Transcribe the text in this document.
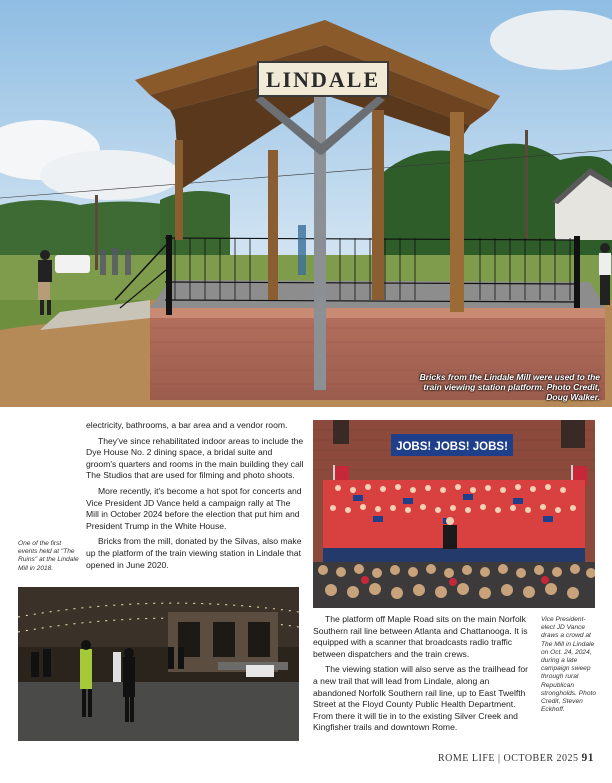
LINDALE
Bricks from the Lindale Mill were used to the train viewing station platform. Photo Credit, Doug Walker.

electricity, bathrooms, a bar area and a vendor room.

They've since rehabilitated indoor areas to include the Dye House No. 2 dining space, a bridal suite and groom's quarters and rooms in the main building they call The Studios that are used for filming and photo shoots.

More recently, it's become a hot spot for concerts and Vice President JD Vance held a campaign rally at The Mill in October 2024 before the election that put him and President Trump in the White House.

Bricks from the mill, donated by the Silvas, also make up the platform of the train viewing station in Lindale that opened in June 2020.

One of the first events held at "The Ruins" at the Lindale Mill in 2018.
JOBS! JOBS! JOBS!
Vice President-elect JD Vance draws a crowd at The Mill in Lindale on Oct. 24, 2024, during a late campaign sweep through rural Republican strongholds. Photo Credit, Steven Eckhoff.

The platform off Maple Road sits on the main Norfolk Southern rail line between Atlanta and Chattanooga. It is equipped with a scanner that broadcasts radio traffic between dispatchers and the train crews.

The viewing station will also serve as the trailhead for a new trail that will lead from Lindale, along an abandoned Norfolk Southern rail line, up to East Twelfth Street at the Floyd County Public Health Department. From there it will tie in to the existing Silver Creek and Kingfisher trails and downtown Rome.

ROME LIFE | OCTOBER 2025 91
